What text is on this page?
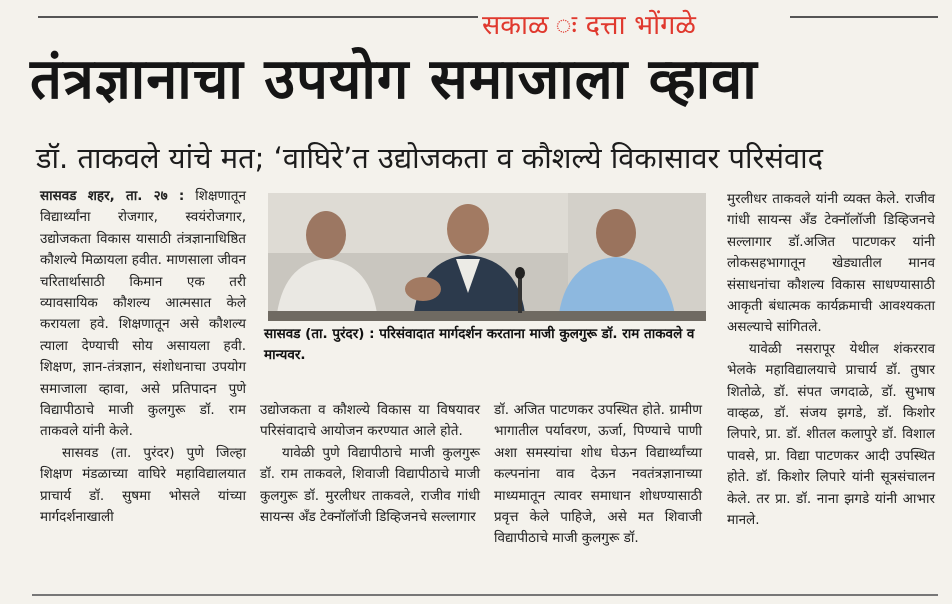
सकाळ ः दत्ता भोंगळे
तंत्रज्ञानाचा उपयोग समाजाला व्हावा
डॉ. ताकवले यांचे मत; ‘वाघिरे’त उद्योजकता व कौशल्ये विकासावर परिसंवाद

सासवड शहर, ता. २७ : शिक्षणातून विद्यार्थ्यांना रोजगार, स्वयंरोजगार, उद्योजकता विकास यासाठी तंत्रज्ञानाधिष्ठित कौशल्ये मिळायला हवीत. माणसाला जीवन चरितार्थासाठी किमान एक तरी व्यावसायिक कौशल्य आत्मसात केले करायला हवे. शिक्षणातून असे कौशल्य त्याला देण्याची सोय असायला हवी. शिक्षण, ज्ञान-तंत्रज्ञान, संशोधनाचा उपयोग समाजाला व्हावा, असे प्रतिपादन पुणे विद्यापीठाचे माजी कुलगुरू डॉ. राम ताकवले यांनी केले.

सासवड (ता. पुरंदर) पुणे जिल्हा शिक्षण मंडळाच्या वाघिरे महाविद्यालयात प्राचार्य डॉ. सुषमा भोसले यांच्या मार्गदर्शनाखाली

सासवड (ता. पुरंदर) : परिसंवादात मार्गदर्शन करताना माजी कुलगुरू डॉ. राम ताकवले व मान्यवर.

उद्योजकता व कौशल्ये विकास या विषयावर परिसंवादाचे आयोजन करण्यात आले होते.

यावेळी पुणे विद्यापीठाचे माजी कुलगुरू डॉ. राम ताकवले, शिवाजी विद्यापीठाचे माजी कुलगुरू डॉ. मुरलीधर ताकवले, राजीव गांधी सायन्स अँड टेक्नॉलॉजी डिव्हिजनचे सल्लागार

डॉ. अजित पाटणकर उपस्थित होते. ग्रामीण भागातील पर्यावरण, ऊर्जा, पिण्याचे पाणी अशा समस्यांचा शोध घेऊन विद्यार्थ्यांच्या कल्पनांना वाव देऊन नवतंत्रज्ञानाच्या माध्यमातून त्यावर समाधान शोधण्यासाठी प्रवृत्त केले पाहिजे, असे मत शिवाजी विद्यापीठाचे माजी कुलगुरू डॉ.

मुरलीधर ताकवले यांनी व्यक्त केले. राजीव गांधी सायन्स अँड टेक्नॉलॉजी डिव्हिजनचे सल्लागार डॉ.अजित पाटणकर यांनी लोकसहभागातून खेड्यातील मानव संसाधनांचा कौशल्य विकास साधण्यासाठी आकृती बंधात्मक कार्यक्रमाची आवश्यकता असल्याचे सांगितले.

यावेळी नसरापूर येथील शंकरराव भेलके महाविद्यालयाचे प्राचार्य डॉ. तुषार शितोळे, डॉ. संपत जगदाळे, डॉ. सुभाष वाव्हळ, डॉ. संजय झगडे, डॉ. किशोर लिपारे, प्रा. डॉ. शीतल कलापुरे डॉ. विशाल पावसे, प्रा. विद्या पाटणकर आदी उपस्थित होते. डॉ. किशोर लिपारे यांनी सूत्रसंचालन केले. तर प्रा. डॉ. नाना झगडे यांनी आभार मानले.
